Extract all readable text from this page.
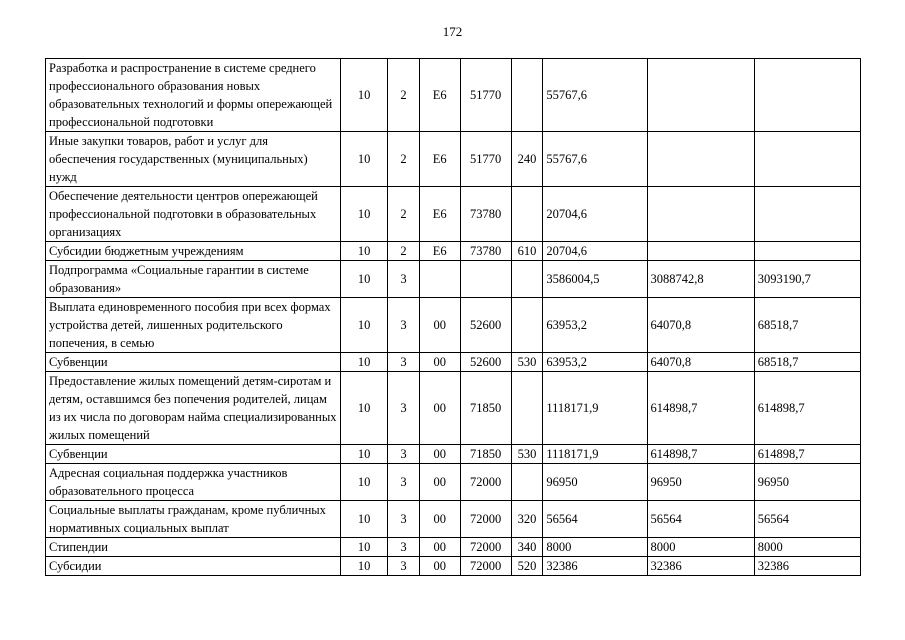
172
Разработка и распространение в системе среднего профессионального образования новых образовательных технологий и формы опережающей профессиональной подготовки	10	2	E6	51770		55767,6		
Иные закупки товаров, работ и услуг для обеспечения государственных (муниципальных) нужд	10	2	E6	51770	240	55767,6		
Обеспечение деятельности центров опережающей профессиональной подготовки в образовательных организациях	10	2	E6	73780		20704,6		
Субсидии бюджетным учреждениям	10	2	E6	73780	610	20704,6		
Подпрограмма «Социальные гарантии в системе образования»	10	3				3586004,5	3088742,8	3093190,7
Выплата единовременного пособия при всех формах устройства детей, лишенных родительского попечения, в семью	10	3	00	52600		63953,2	64070,8	68518,7
Субвенции	10	3	00	52600	530	63953,2	64070,8	68518,7
Предоставление жилых помещений детям-сиротам и детям, оставшимся без попечения родителей, лицам из их числа по договорам найма специализированных жилых помещений	10	3	00	71850		1118171,9	614898,7	614898,7
Субвенции	10	3	00	71850	530	1118171,9	614898,7	614898,7
Адресная социальная поддержка участников образовательного процесса	10	3	00	72000		96950	96950	96950
Социальные выплаты гражданам, кроме публичных нормативных социальных выплат	10	3	00	72000	320	56564	56564	56564
Стипендии	10	3	00	72000	340	8000	8000	8000
Субсидии	10	3	00	72000	520	32386	32386	32386
